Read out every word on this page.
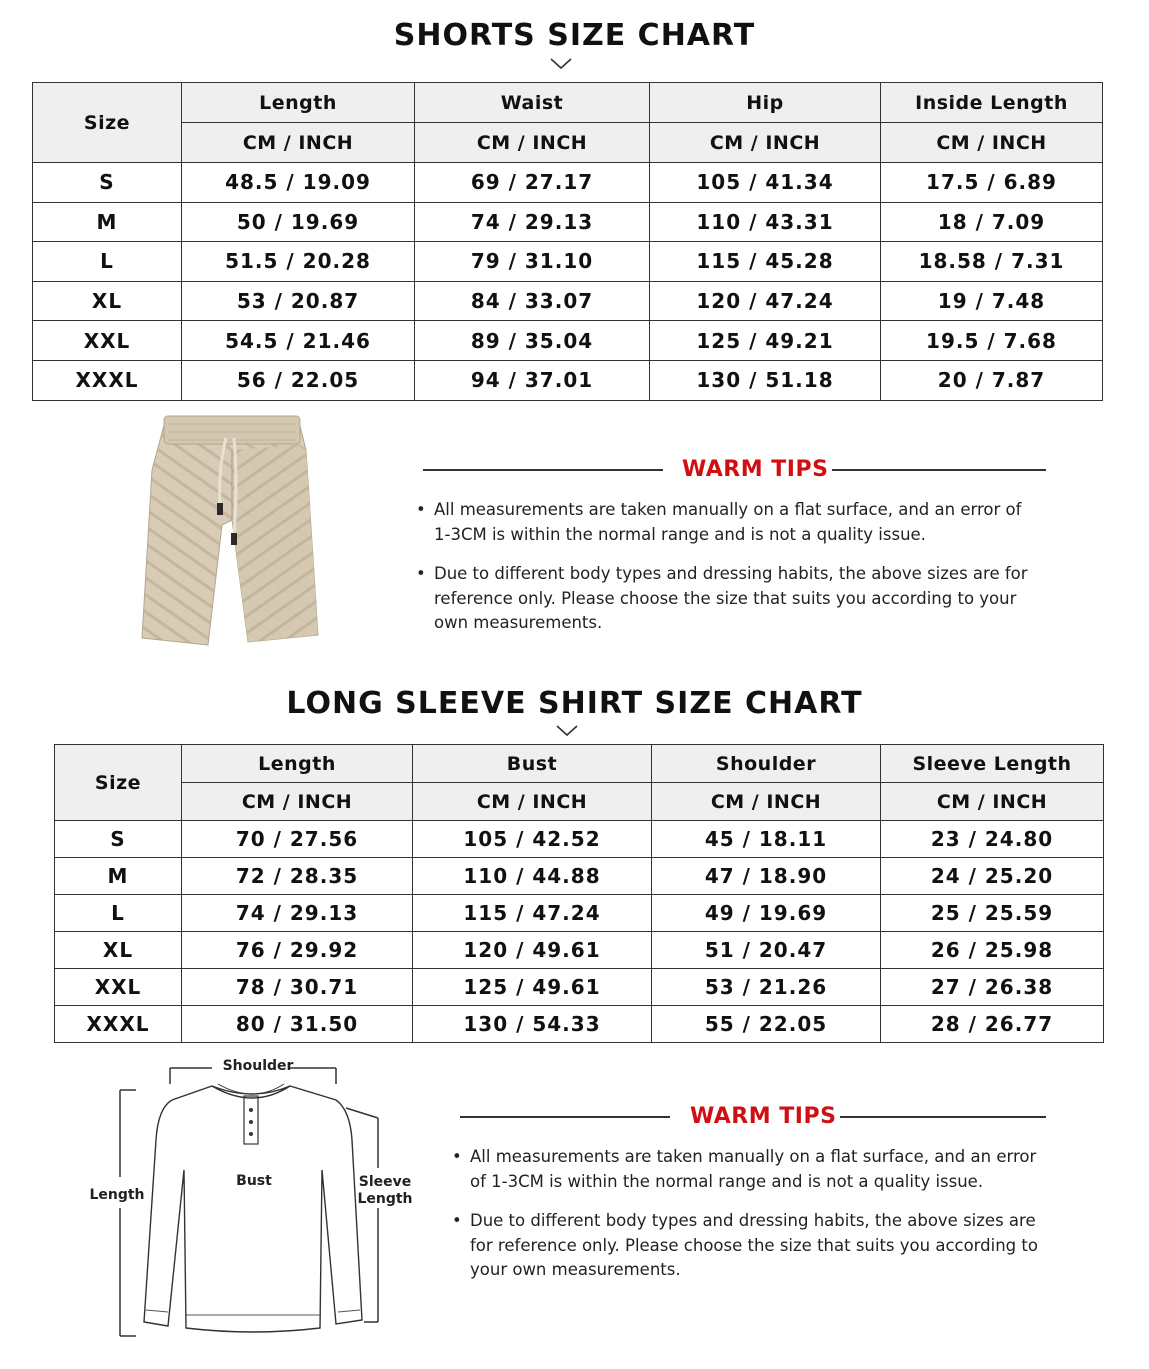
SHORTS SIZE CHART
Size	Length	Waist	Hip	Inside Length
	CM / INCH	CM / INCH	CM / INCH	CM / INCH
S	48.5 / 19.09	69 / 27.17	105 / 41.34	17.5 / 6.89
M	50 / 19.69	74 / 29.13	110 / 43.31	18 / 7.09
L	51.5 / 20.28	79 / 31.10	115 / 45.28	18.58 / 7.31
XL	53 / 20.87	84 / 33.07	120 / 47.24	19 / 7.48
XXL	54.5 / 21.46	89 / 35.04	125 / 49.21	19.5 / 7.68
XXXL	56 / 22.05	94 / 37.01	130 / 51.18	20 / 7.87
WARM TIPS
• All measurements are taken manually on a flat surface, and an error of 1-3CM is within the normal range and is not a quality issue.
• Due to different body types and dressing habits, the above sizes are for reference only. Please choose the size that suits you according to your own measurements.
LONG SLEEVE SHIRT SIZE CHART
Size	Length	Bust	Shoulder	Sleeve Length
	CM / INCH	CM / INCH	CM / INCH	CM / INCH
S	70 / 27.56	105 / 42.52	45 / 18.11	23 / 24.80
M	72 / 28.35	110 / 44.88	47 / 18.90	24 / 25.20
L	74 / 29.13	115 / 47.24	49 / 19.69	25 / 25.59
XL	76 / 29.92	120 / 49.61	51 / 20.47	26 / 25.98
XXL	78 / 30.71	125 / 49.61	53 / 21.26	27 / 26.38
XXXL	80 / 31.50	130 / 54.33	55 / 22.05	28 / 26.77
Shoulder
Bust
Length
Sleeve
Length
WARM TIPS
• All measurements are taken manually on a flat surface, and an error of 1-3CM is within the normal range and is not a quality issue.
• Due to different body types and dressing habits, the above sizes are for reference only. Please choose the size that suits you according to your own measurements.
